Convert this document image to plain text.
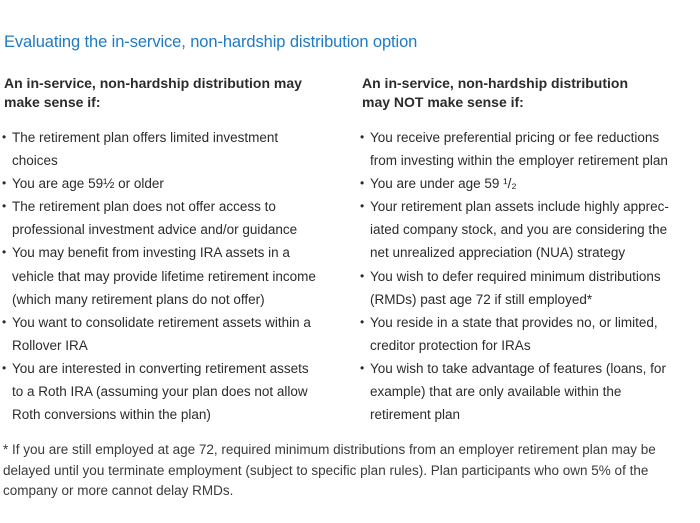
Evaluating the in-service, non-hardship distribution option
An in-service, non-hardship distribution may
make sense if:
• The retirement plan offers limited investment
choices
• You are age 59½ or older
• The retirement plan does not offer access to
professional investment advice and/or guidance
• You may benefit from investing IRA assets in a
vehicle that may provide lifetime retirement income
(which many retirement plans do not offer)
• You want to consolidate retirement assets within a
Rollover IRA
• You are interested in converting retirement assets
to a Roth IRA (assuming your plan does not allow
Roth conversions within the plan)
An in-service, non-hardship distribution
may NOT make sense if:
• You receive preferential pricing or fee reductions
from investing within the employer retirement plan
• You are under age 59 ¹/₂
• Your retirement plan assets include highly apprec-
iated company stock, and you are considering the
net unrealized appreciation (NUA) strategy
• You wish to defer required minimum distributions
(RMDs) past age 72 if still employed*
• You reside in a state that provides no, or limited,
creditor protection for IRAs
• You wish to take advantage of features (loans, for
example) that are only available within the
retirement plan
* If you are still employed at age 72, required minimum distributions from an employer retirement plan may be
delayed until you terminate employment (subject to specific plan rules). Plan participants who own 5% of the
company or more cannot delay RMDs.
